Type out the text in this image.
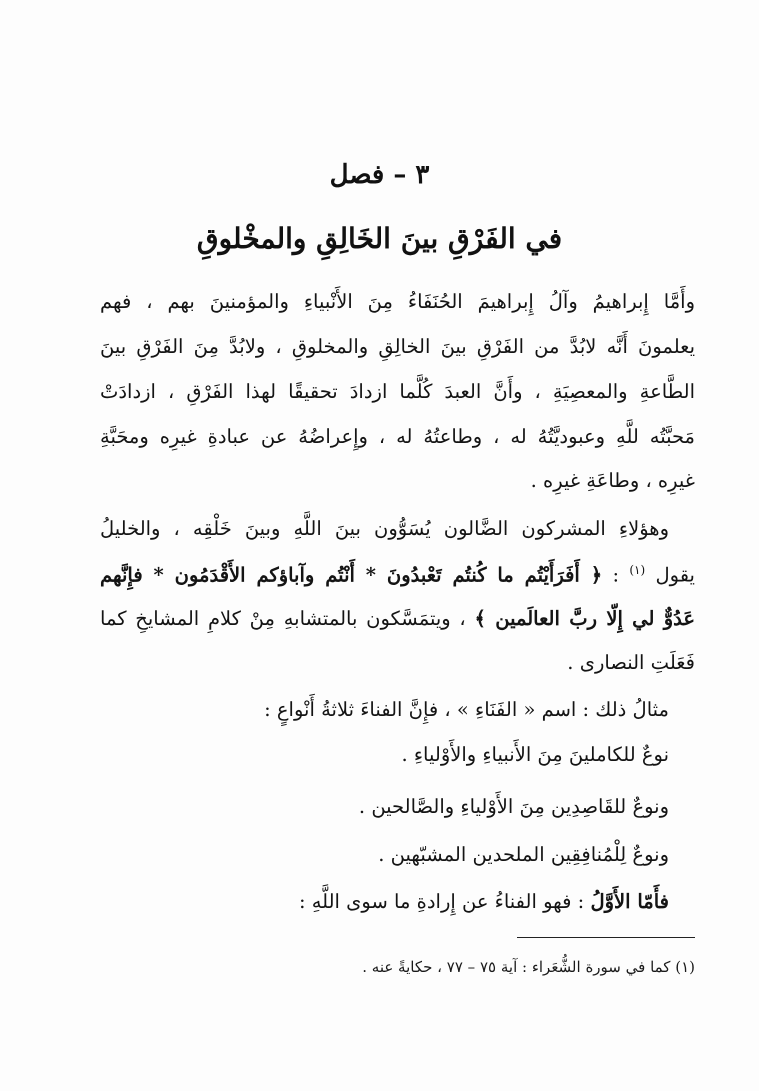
٣ – فصل
في الفَرْقِ بينَ الخَالِقِ والمخْلوقِ
وأَمَّا إِبراهيمُ وآلُ إِبراهيمَ الحُنَفَاءُ مِنَ الأَنْبياءِ والمؤمنينَ بهم ، فهم
يعلمونَ أَنَّه لابُدَّ من الفَرْقِ بينَ الخالِقِ والمخلوقِ ، ولابُدَّ مِنَ الفَرْقِ بينَ
الطَّاعةِ والمعصِيَةِ ، وأَنَّ العبدَ كُلَّما ازدادَ تحقيقًا لهذا الفَرْقِ ، ازدادَتْ
مَحبَّتُه للَّهِ وعبوديَّتُهُ له ، وطاعتُهُ له ، وإِعراضُهُ عن عبادةِ غيرِه ومحَبَّةِ
غيرِه ، وطاعَةِ غيرِه .
وهؤلاءِ المشركون الضَّالون يُسَوُّون بينَ اللَّهِ وبينَ خَلْقِه ، والخليلُ
يقول $^{(١)}$ : ﴿ أَفَرَأَيْتُم ما كُنتُم تَعْبدُونَ * أَنْتُم وآباؤكم الأَقْدَمُون * فإِنَّهم
عَدُوٌّ لي إِلّا ربَّ العالَمين ﴾ ، ويتمَسَّكون بالمتشابهِ مِنْ كلامِ المشايخِ كما
فَعَلَتِ النصارى .
مثالُ ذلك : اسم « الفَنَاءِ » ، فإِنَّ الفناءَ ثلاثةُ أَنْواعٍ :
نوعٌ للكاملينَ مِنَ الأَنبياءِ والأَوْلياءِ .
ونوعٌ للقَاصِدِين مِنَ الأَوْلياءِ والصَّالحين .
ونوعٌ لِلْمُنافِقِين الملحدين المشبّهين .
فأَمّا الأَوَّلُ : فهو الفناءُ عن إِرادةِ ما سوى اللَّهِ :
(١) كما في سورة الشُّعَراء : آية ٧٥ – ٧٧ ، حكايةً عنه .
